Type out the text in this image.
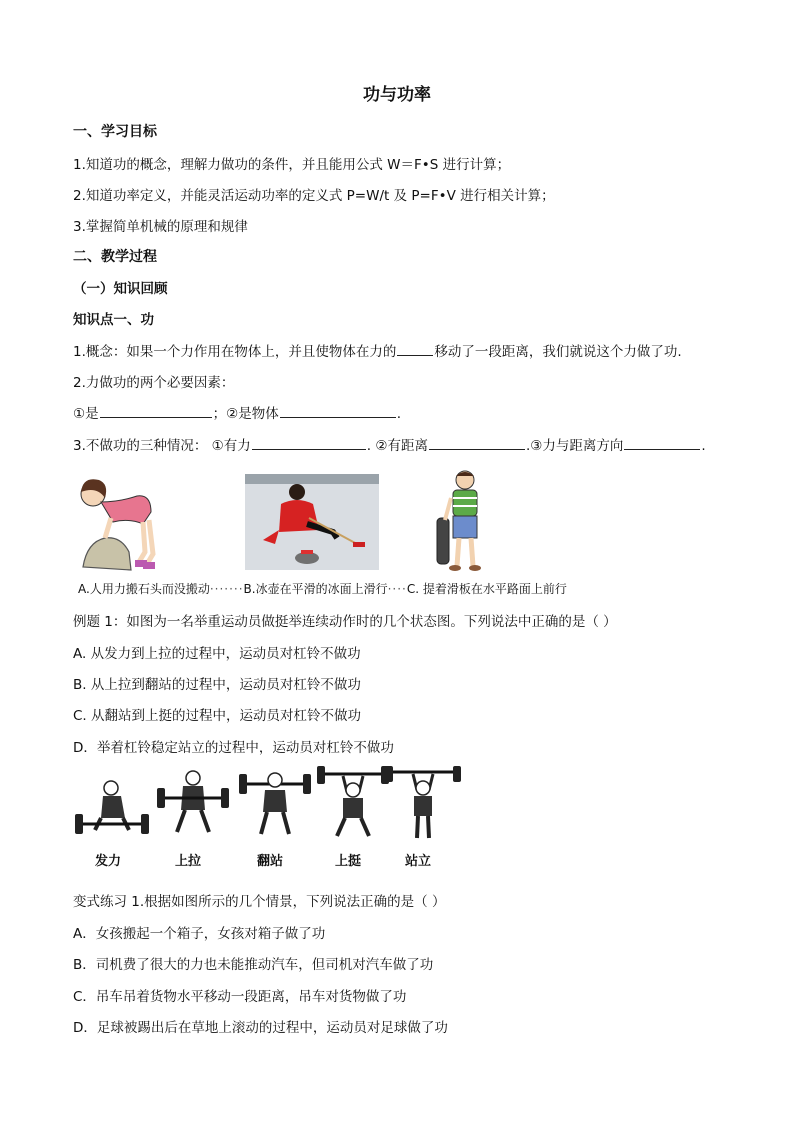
功与功率
一、学习目标
1.知道功的概念，理解力做功的条件，并且能用公式 W＝F•S 进行计算；
2.知道功率定义，并能灵活运动功率的定义式 P=W/t 及 P=F•V 进行相关计算；
3.掌握简单机械的原理和规律
二、教学过程
（一）知识回顾
知识点一、功
1.概念：如果一个力作用在物体上，并且使物体在力的	移动了一段距离，我们就说这个力做了功.
2.力做功的两个必要因素：
①是	；②是物体	.
3.不做功的三种情况： ①有力	. ②有距离	.③力与距离方向	.
A.人用力搬石头而没搬动·······B.冰壶在平滑的冰面上滑行····C. 提着滑板在水平路面上前行
例题 1：如图为一名举重运动员做挺举连续动作时的几个状态图。下列说法中正确的是（ ）
A. 从发力到上拉的过程中，运动员对杠铃不做功
B. 从上拉到翻站的过程中，运动员对杠铃不做功
C. 从翻站到上挺的过程中，运动员对杠铃不做功
D．举着杠铃稳定站立的过程中，运动员对杠铃不做功
发力	上拉	翻站	上挺	站立
变式练习 1.根据如图所示的几个情景，下列说法正确的是（ ）
A．女孩搬起一个箱子，女孩对箱子做了功
B．司机费了很大的力也未能推动汽车，但司机对汽车做了功
C．吊车吊着货物水平移动一段距离，吊车对货物做了功
D．足球被踢出后在草地上滚动的过程中，运动员对足球做了功
